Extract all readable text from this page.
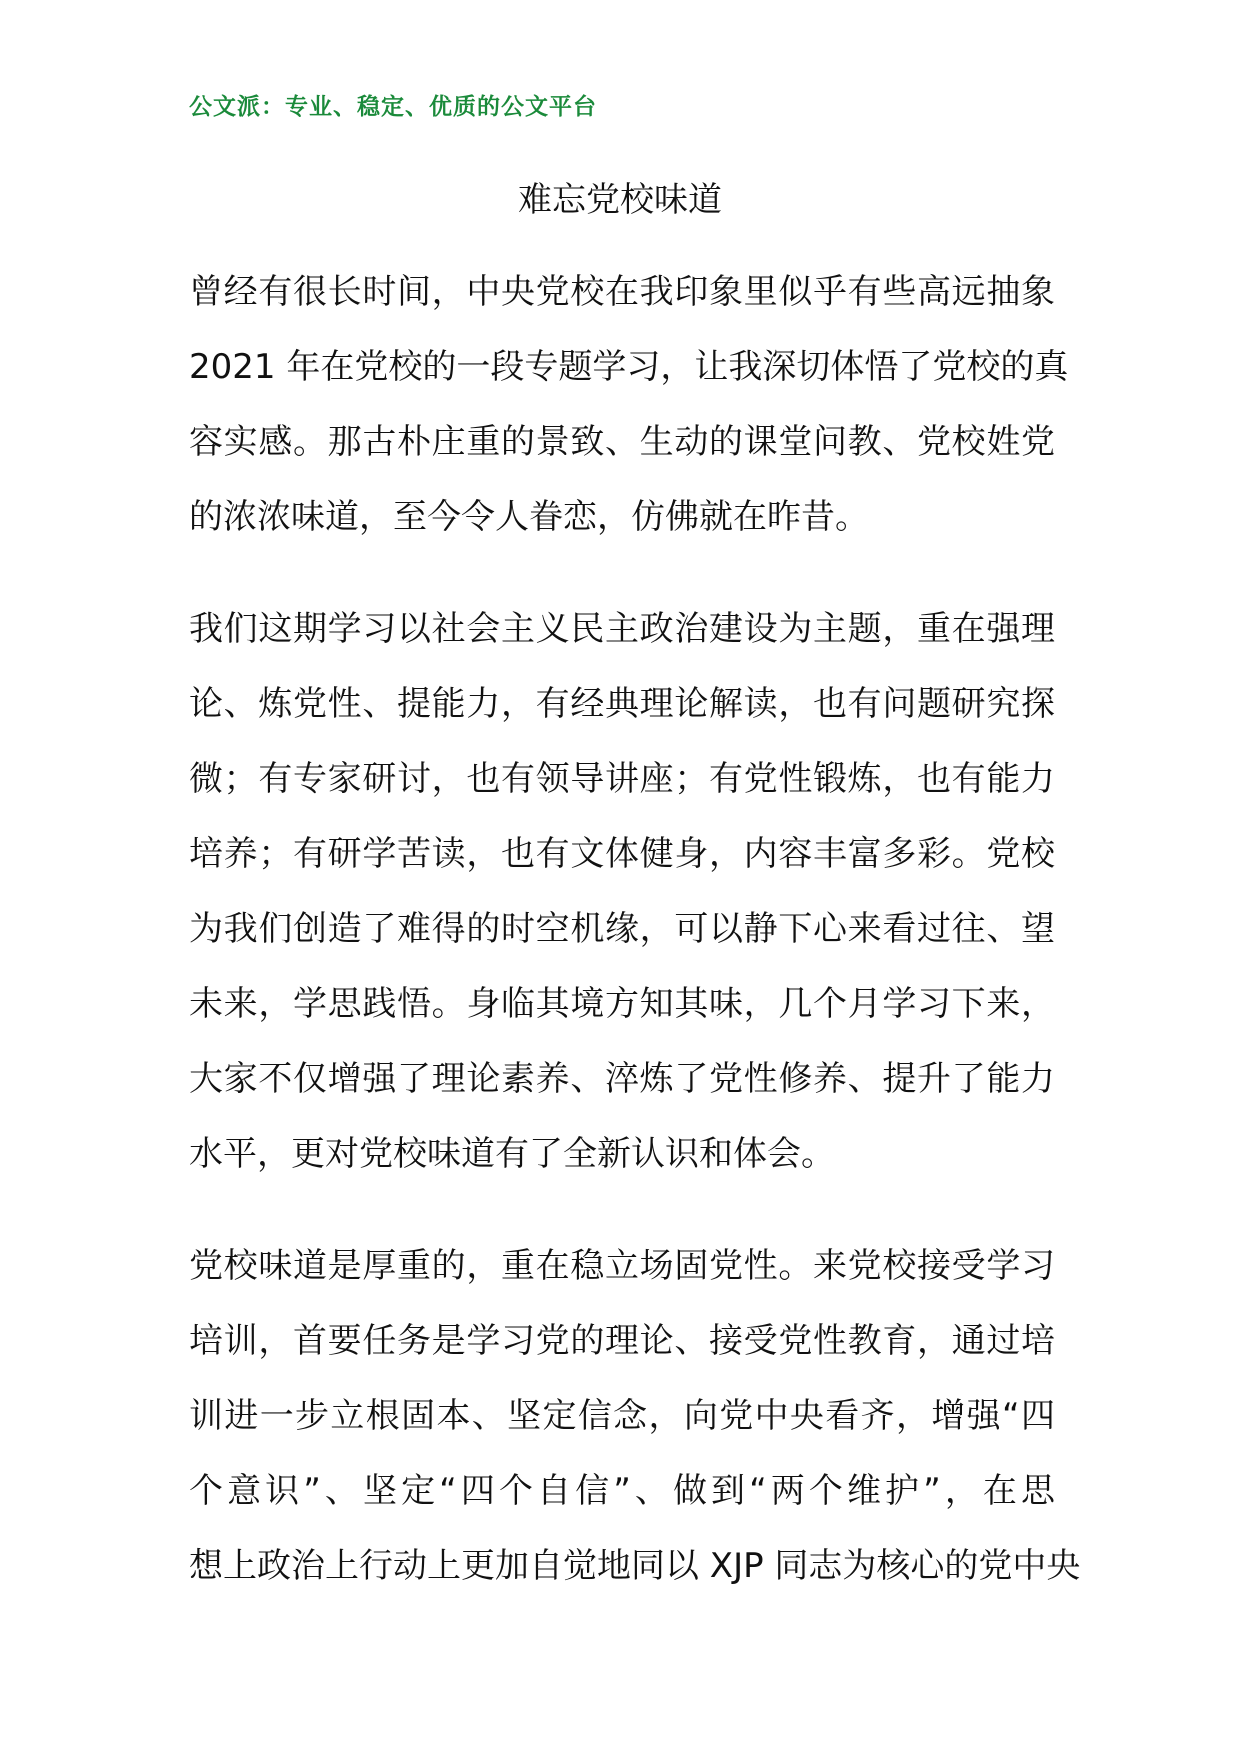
公文派：专业、稳定、优质的公文平台
难忘党校味道
曾经有很长时间，中央党校在我印象里似乎有些高远抽象
2021 年在党校的一段专题学习，让我深切体悟了党校的真
容实感。那古朴庄重的景致、生动的课堂问教、党校姓党
的浓浓味道，至今令人眷恋，仿佛就在昨昔。
我们这期学习以社会主义民主政治建设为主题，重在强理
论、炼党性、提能力，有经典理论解读，也有问题研究探
微；有专家研讨，也有领导讲座；有党性锻炼，也有能力
培养；有研学苦读，也有文体健身，内容丰富多彩。党校
为我们创造了难得的时空机缘，可以静下心来看过往、望
未来，学思践悟。身临其境方知其味，几个月学习下来，
大家不仅增强了理论素养、淬炼了党性修养、提升了能力
水平，更对党校味道有了全新认识和体会。
党校味道是厚重的，重在稳立场固党性。来党校接受学习
培训，首要任务是学习党的理论、接受党性教育，通过培
训进一步立根固本、坚定信念，向党中央看齐，增强“四
个意识”、坚定“四个自信”、做到“两个维护”，在思
想上政治上行动上更加自觉地同以 XJP 同志为核心的党中央
